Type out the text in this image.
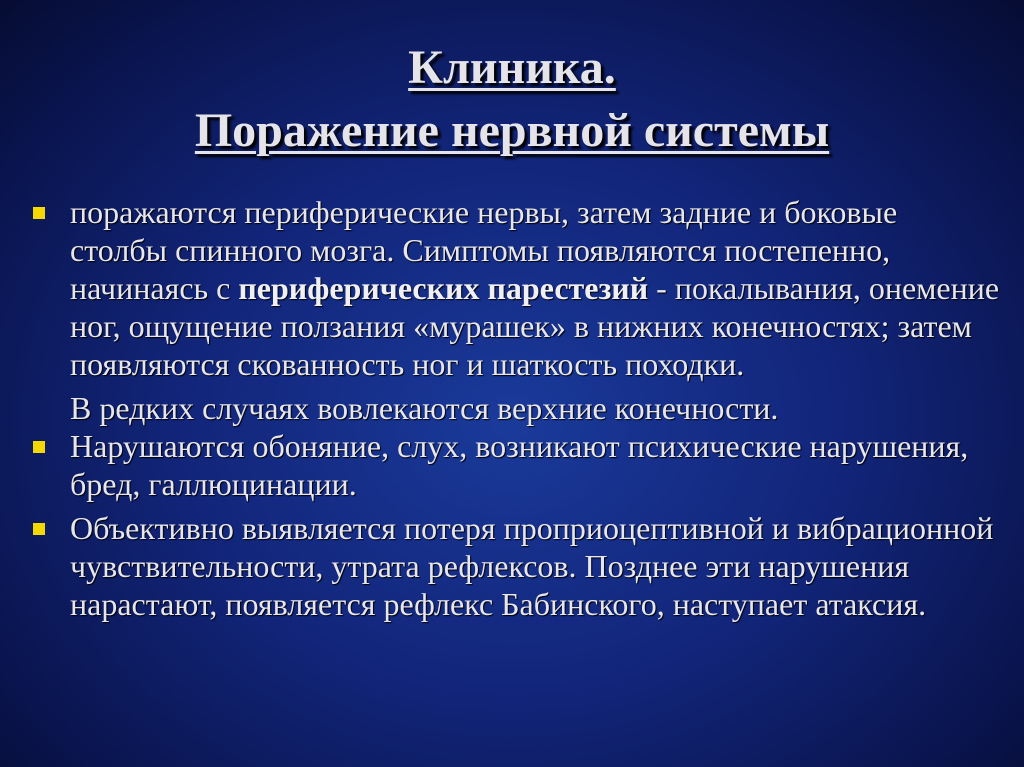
Клиника.
Поражение нервной системы
поражаются периферические нервы, затем задние и боковые столбы спинного мозга. Симптомы появляются постепенно, начинаясь с периферических парестезий - покалывания, онемение ног, ощущение ползания «мурашек» в нижних конечностях; затем появляются скованность ног и шаткость походки.
В редких случаях вовлекаются верхние конечности.
Нарушаются обоняние, слух, возникают психические нарушения, бред, галлюцинации.
Объективно выявляется потеря проприоцептивной и вибрационной чувствительности, утрата рефлексов. Позднее эти нарушения нарастают, появляется рефлекс Бабинского, наступает атаксия.
